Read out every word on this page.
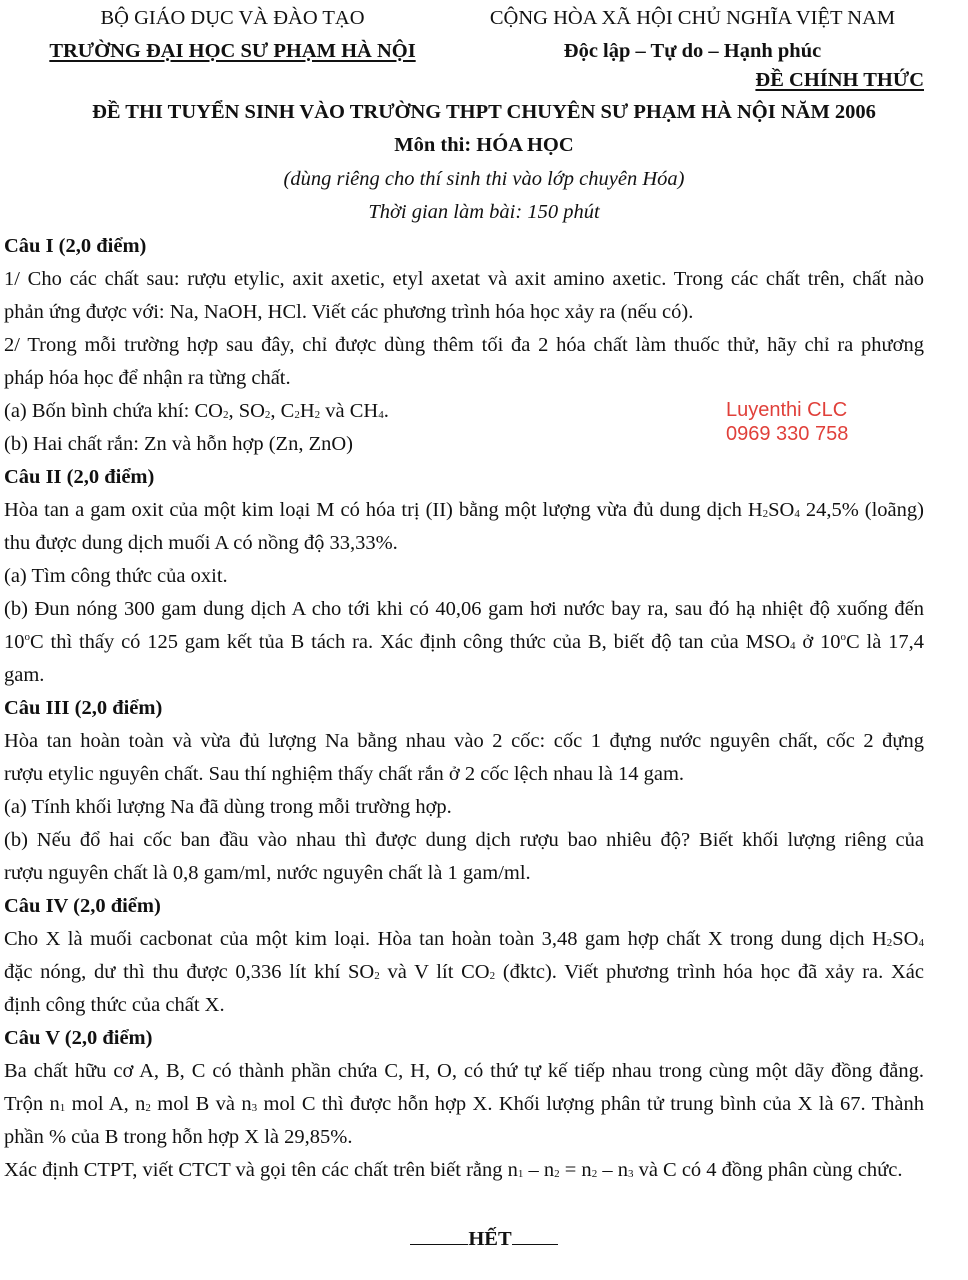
BỘ GIÁO DỤC VÀ ĐÀO TẠO
TRƯỜNG ĐẠI HỌC SƯ PHẠM HÀ NỘI
CỘNG HÒA XÃ HỘI CHỦ NGHĨA VIỆT NAM
Độc lập – Tự do – Hạnh phúc
ĐỀ CHÍNH THỨC
ĐỀ THI TUYỂN SINH VÀO TRƯỜNG THPT CHUYÊN SƯ PHẠM HÀ NỘI NĂM 2006
Môn thi: HÓA HỌC
(dùng riêng cho thí sinh thi vào lớp chuyên Hóa)
Thời gian làm bài: 150 phút
Luyenthi CLC
0969 330 758

Câu I (2,0 điểm)

1/ Cho các chất sau: rượu etylic, axit axetic, etyl axetat và axit amino axetic. Trong các chất trên, chất nào

phản ứng được với: Na, NaOH, HCl. Viết các phương trình hóa học xảy ra (nếu có).

2/ Trong mỗi trường hợp sau đây, chỉ được dùng thêm tối đa 2 hóa chất làm thuốc thử, hãy chỉ ra phương

pháp hóa học để nhận ra từng chất.

(a) Bốn bình chứa khí: $CO_2$, $SO_2$, $C_2H_2$ và $CH_4$.

(b) Hai chất rắn: Zn và hỗn hợp (Zn, ZnO)

Câu II (2,0 điểm)

Hòa tan a gam oxit của một kim loại M có hóa trị (II) bằng một lượng vừa đủ dung dịch $H_2SO_4$ 24,5% (loãng)

thu được dung dịch muối A có nồng độ 33,33%.

(a) Tìm công thức của oxit.

(b) Đun nóng 300 gam dung dịch A cho tới khi có 40,06 gam hơi nước bay ra, sau đó hạ nhiệt độ xuống đến

10$^o$C thì thấy có 125 gam kết tủa B tách ra. Xác định công thức của B, biết độ tan của $MSO_4$ ở 10$^o$C là 17,4

gam.

Câu III (2,0 điểm)

Hòa tan hoàn toàn và vừa đủ lượng Na bằng nhau vào 2 cốc: cốc 1 đựng nước nguyên chất, cốc 2 đựng

rượu etylic nguyên chất. Sau thí nghiệm thấy chất rắn ở 2 cốc lệch nhau là 14 gam.

(a) Tính khối lượng Na đã dùng trong mỗi trường hợp.

(b) Nếu đổ hai cốc ban đầu vào nhau thì được dung dịch rượu bao nhiêu độ? Biết khối lượng riêng của

rượu nguyên chất là 0,8 gam/ml, nước nguyên chất là 1 gam/ml.

Câu IV (2,0 điểm)

Cho X là muối cacbonat của một kim loại. Hòa tan hoàn toàn 3,48 gam hợp chất X trong dung dịch $H_2SO_4$

đặc nóng, dư thì thu được 0,336 lít khí $SO_2$ và V lít $CO_2$ (đktc). Viết phương trình hóa học đã xảy ra. Xác

định công thức của chất X.

Câu V (2,0 điểm)

Ba chất hữu cơ A, B, C có thành phần chứa C, H, O, có thứ tự kế tiếp nhau trong cùng một dãy đồng đẳng.

Trộn $n_1$ mol A, $n_2$ mol B và $n_3$ mol C thì được hỗn hợp X. Khối lượng phân tử trung bình của X là 67. Thành

phần % của B trong hỗn hợp X là 29,85%.

Xác định CTPT, viết CTCT và gọi tên các chất trên biết rằng $n_1 - n_2 = n_2 - n_3$ và C có 4 đồng phân cùng chức.

HẾT
